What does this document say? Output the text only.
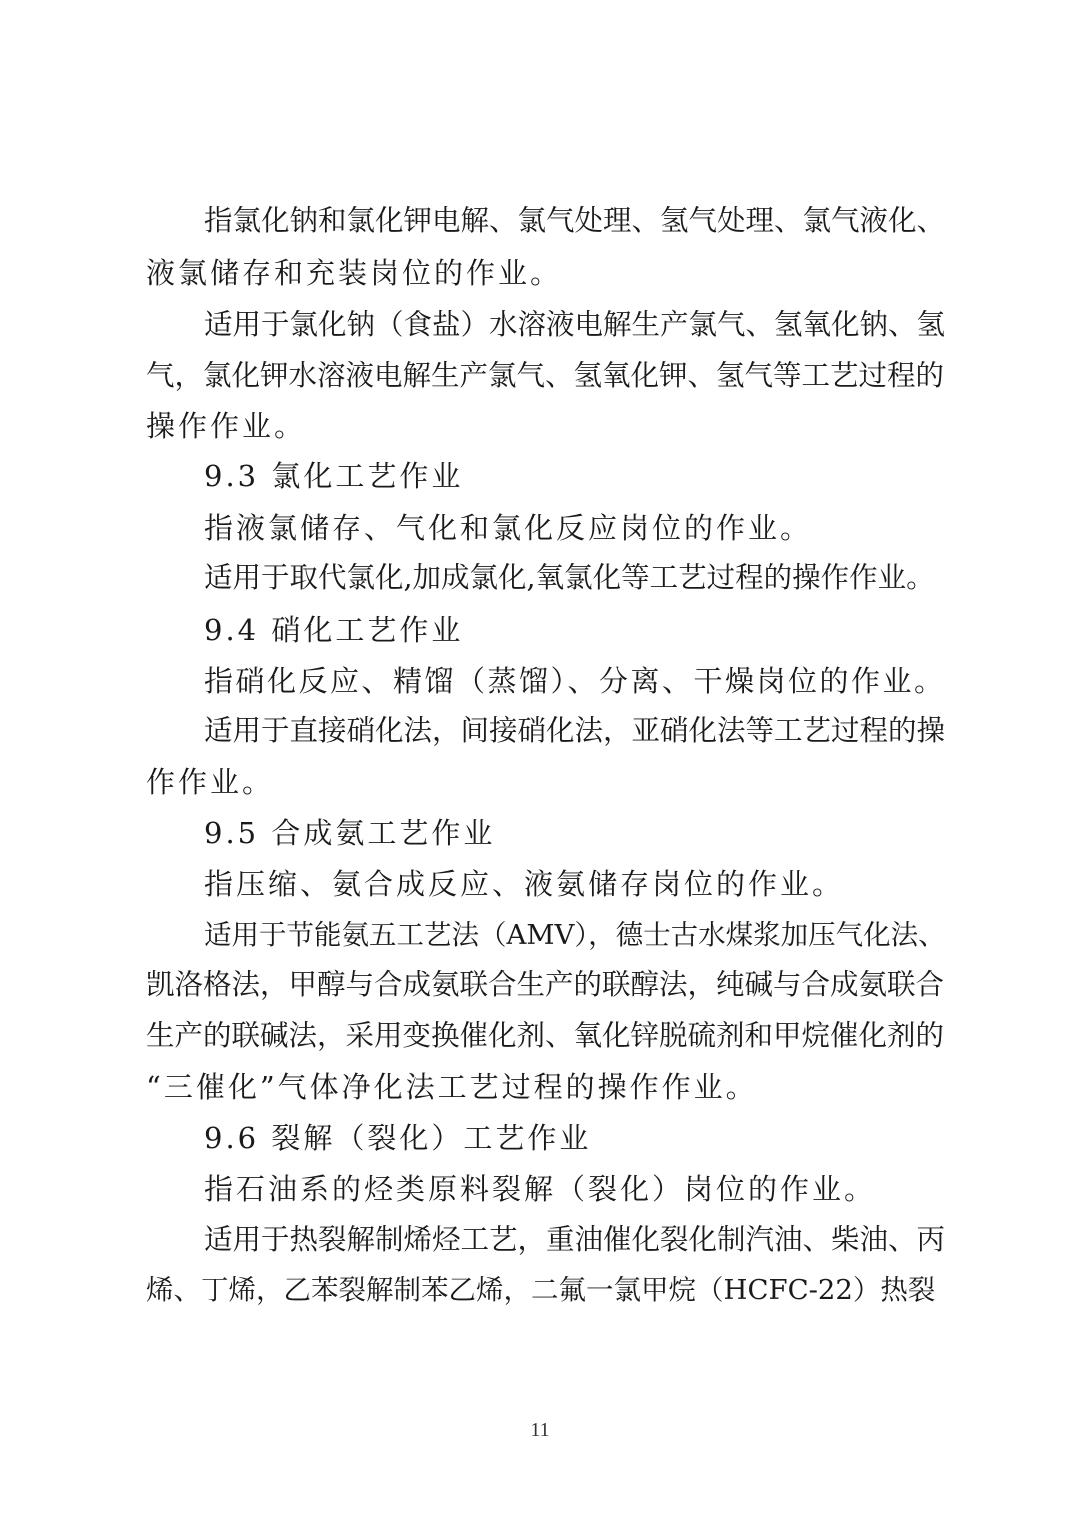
指氯化钠和氯化钾电解、氯气处理、氢气处理、氯气液化、
液氯储存和充装岗位的作业。
适用于氯化钠（食盐）水溶液电解生产氯气、氢氧化钠、氢
气，氯化钾水溶液电解生产氯气、氢氧化钾、氢气等工艺过程的
操作作业。
9.3 氯化工艺作业
指液氯储存、气化和氯化反应岗位的作业。
适用于取代氯化,加成氯化,氧氯化等工艺过程的操作作业。
9.4 硝化工艺作业
指硝化反应、精馏（蒸馏）、分离、干燥岗位的作业。
适用于直接硝化法，间接硝化法，亚硝化法等工艺过程的操
作作业。
9.5 合成氨工艺作业
指压缩、氨合成反应、液氨储存岗位的作业。
适用于节能氨五工艺法（AMV），德士古水煤浆加压气化法、
凯洛格法，甲醇与合成氨联合生产的联醇法，纯碱与合成氨联合
生产的联碱法，采用变换催化剂、氧化锌脱硫剂和甲烷催化剂的
“三催化”气体净化法工艺过程的操作作业。
9.6 裂解（裂化）工艺作业
指石油系的烃类原料裂解（裂化）岗位的作业。
适用于热裂解制烯烃工艺，重油催化裂化制汽油、柴油、丙
烯、丁烯，乙苯裂解制苯乙烯，二氟一氯甲烷（HCFC-22）热裂
11
